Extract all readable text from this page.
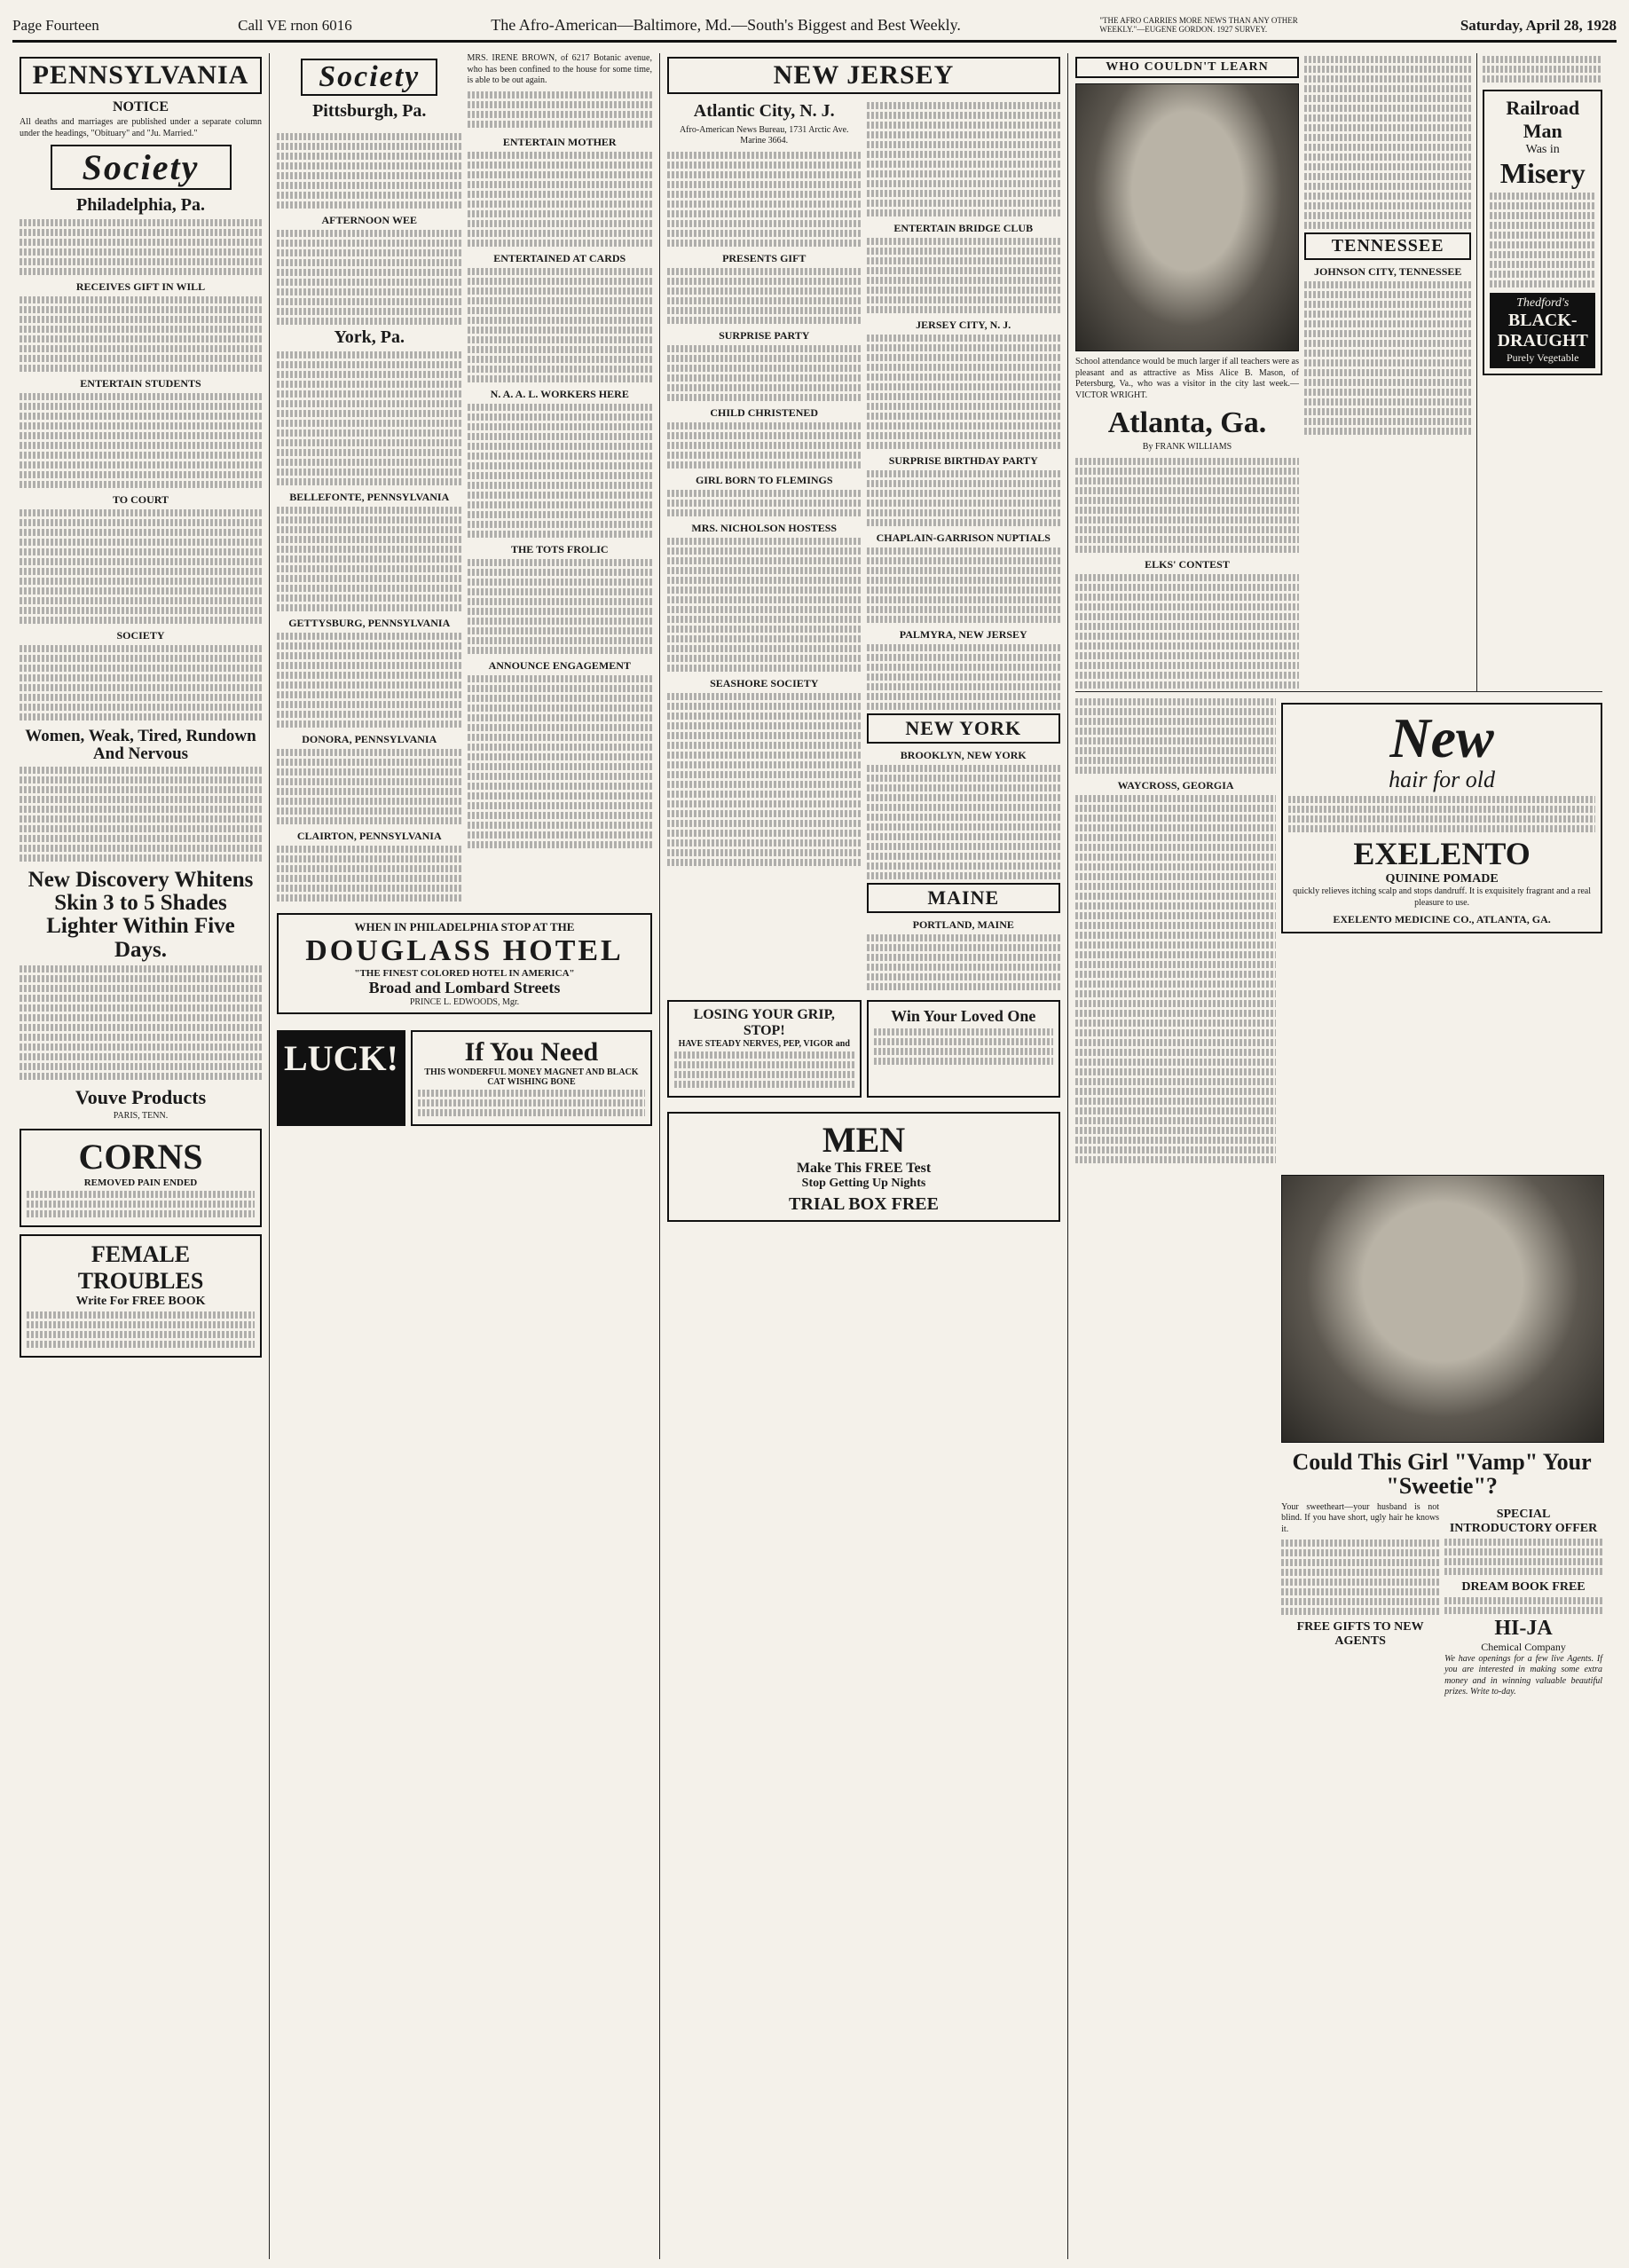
Page Fourteen	Call VE rnon 6016	The Afro-American—Baltimore, Md.—South's Biggest and Best Weekly.	"THE AFRO CARRIES MORE NEWS THAN ANY OTHER WEEKLY."—EUGENE GORDON. 1927 SURVEY.	Saturday, April 28, 1928
PENNSYLVANIA
NOTICE

All deaths and marriages are published under a separate column under the headings, "Obituary" and "Ju. Married."

Society
Philadelphia, Pa.
RECEIVES GIFT IN WILL
ENTERTAIN STUDENTS
TO COURT
SOCIETY
Women, Weak, Tired, Rundown And Nervous
New Discovery Whitens Skin 3 to 5 Shades Lighter Within Five Days.
Vouve Products
PARIS, TENN.
CORNS
REMOVED PAIN ENDED
FEMALE TROUBLES
Write For FREE BOOK
Society
Pittsburgh, Pa.

MRS. IRENE BROWN, of 6217 Botanic avenue, who has been confined to the house for some time, is able to be out again.

AFTERNOON WEE
York, Pa.
BELLEFONTE, PENNSYLVANIA
GETTYSBURG, PENNSYLVANIA
DONORA, PENNSYLVANIA
CLAIRTON, PENNSYLVANIA
ENTERTAIN MOTHER
ENTERTAINED AT CARDS
N. A. A. L. WORKERS HERE
THE TOTS FROLIC
ANNOUNCE ENGAGEMENT
WHEN IN PHILADELPHIA STOP AT THE
DOUGLASS HOTEL
"THE FINEST COLORED HOTEL IN AMERICA"
Broad and Lombard Streets
PRINCE L. EDWOODS, Mgr.
LUCK!	If You Need
THIS WONDERFUL MONEY MAGNET AND BLACK CAT WISHING BONE
NEW JERSEY
Atlantic City, N. J.
Afro-American News Bureau, 1731 Arctic Ave. Marine 3664.
PRESENTS GIFT
SURPRISE PARTY
CHILD CHRISTENED
GIRL BORN TO FLEMINGS
MRS. NICHOLSON HOSTESS
SEASHORE SOCIETY
ENTERTAIN BRIDGE CLUB
JERSEY CITY, N. J.
SURPRISE BIRTHDAY PARTY
CHAPLAIN-GARRISON NUPTIALS
PALMYRA, NEW JERSEY
NEW YORK
BROOKLYN, NEW YORK
MAINE
PORTLAND, MAINE
LOSING YOUR GRIP, STOP!
HAVE STEADY NERVES, PEP, VIGOR and
Win Your Loved One
MEN
Make This FREE Test
Stop Getting Up Nights
TRIAL BOX FREE
WHO COULDN'T LEARN

School attendance would be much larger if all teachers were as pleasant and as attractive as Miss Alice B. Mason, of Petersburg, Va., who was a visitor in the city last week.—VICTOR WRIGHT.

Atlanta, Ga.
By FRANK WILLIAMS
ELKS' CONTEST
TENNESSEE
JOHNSON CITY, TENNESSEE
Railroad Man
Was in
Misery
Thedford's
BLACK-DRAUGHT
Purely Vegetable
WAYCROSS, GEORGIA
New
hair for old
EXELENTO
QUININE POMADE

quickly relieves itching scalp and stops dandruff. It is exquisitely fragrant and a real pleasure to use.

EXELENTO MEDICINE CO., ATLANTA, GA.
Could This Girl "Vamp" Your "Sweetie"?

Your sweetheart—your husband is not blind. If you have short, ugly hair he knows it.

FREE GIFTS TO NEW AGENTS
SPECIAL INTRODUCTORY OFFER
DREAM BOOK FREE
HI-JA
Chemical Company

We have openings for a few live Agents. If you are interested in making some extra money and in winning valuable beautiful prizes. Write to-day.
